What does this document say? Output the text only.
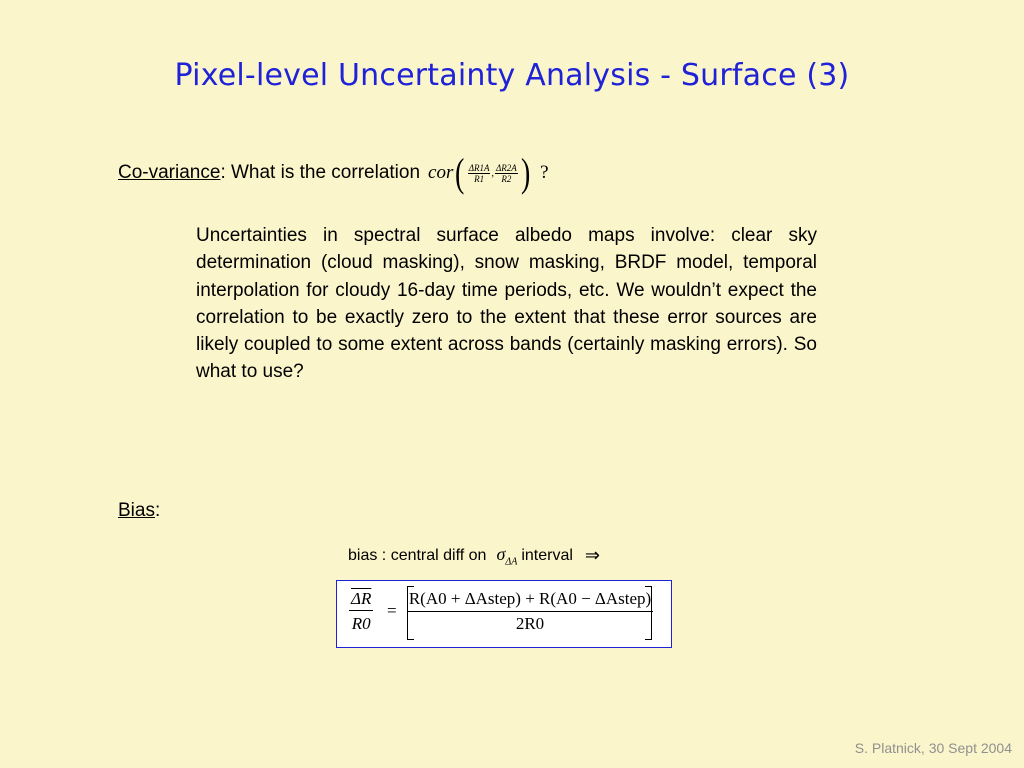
Pixel-level Uncertainty Analysis - Surface (3)
Co-variance : What is the correlation cor ( $\frac{\Delta R1A}{R1}$ , $\frac{\Delta R2A}{R2}$ ) ?
Uncertainties in spectral surface albedo maps involve: clear sky determination (cloud masking), snow masking, BRDF model, temporal interpolation for cloudy 16-day time periods, etc. We wouldn’t expect the correlation to be exactly zero to the extent that these error sources are likely coupled to some extent across bands (certainly masking errors). So what to use?
Bias:
bias : central diff on $\sigma_{\Delta A}$ interval ⇒
$\frac{\overline{\Delta R}}{R0}$ =
R(A0 + ΔAstep) + R(A0 − ΔAstep)
2R0
S. Platnick, 30 Sept 2004
